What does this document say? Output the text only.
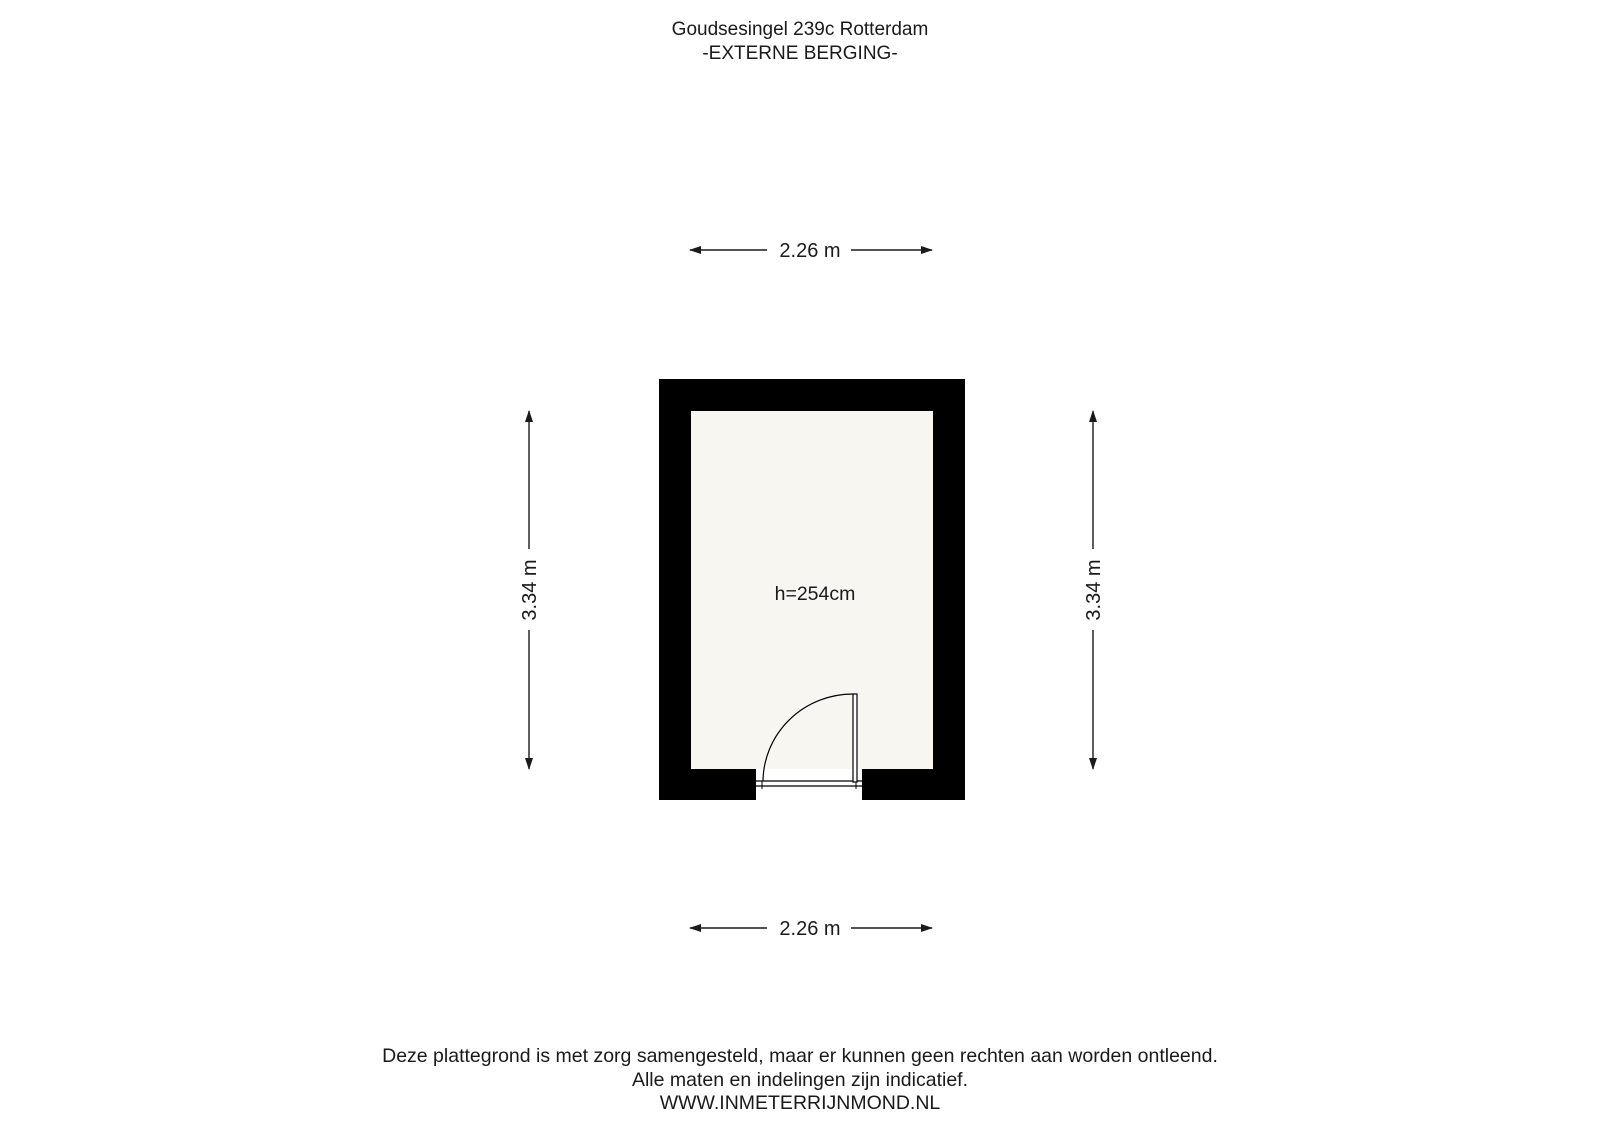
Goudsesingel 239c Rotterdam
-EXTERNE BERGING-
h=254cm
2.26 m
2.26 m
3.34 m	3.34 m
Deze plattegrond is met zorg samengesteld, maar er kunnen geen rechten aan worden ontleend.
Alle maten en indelingen zijn indicatief.
WWW.INMETERRIJNMOND.NL
